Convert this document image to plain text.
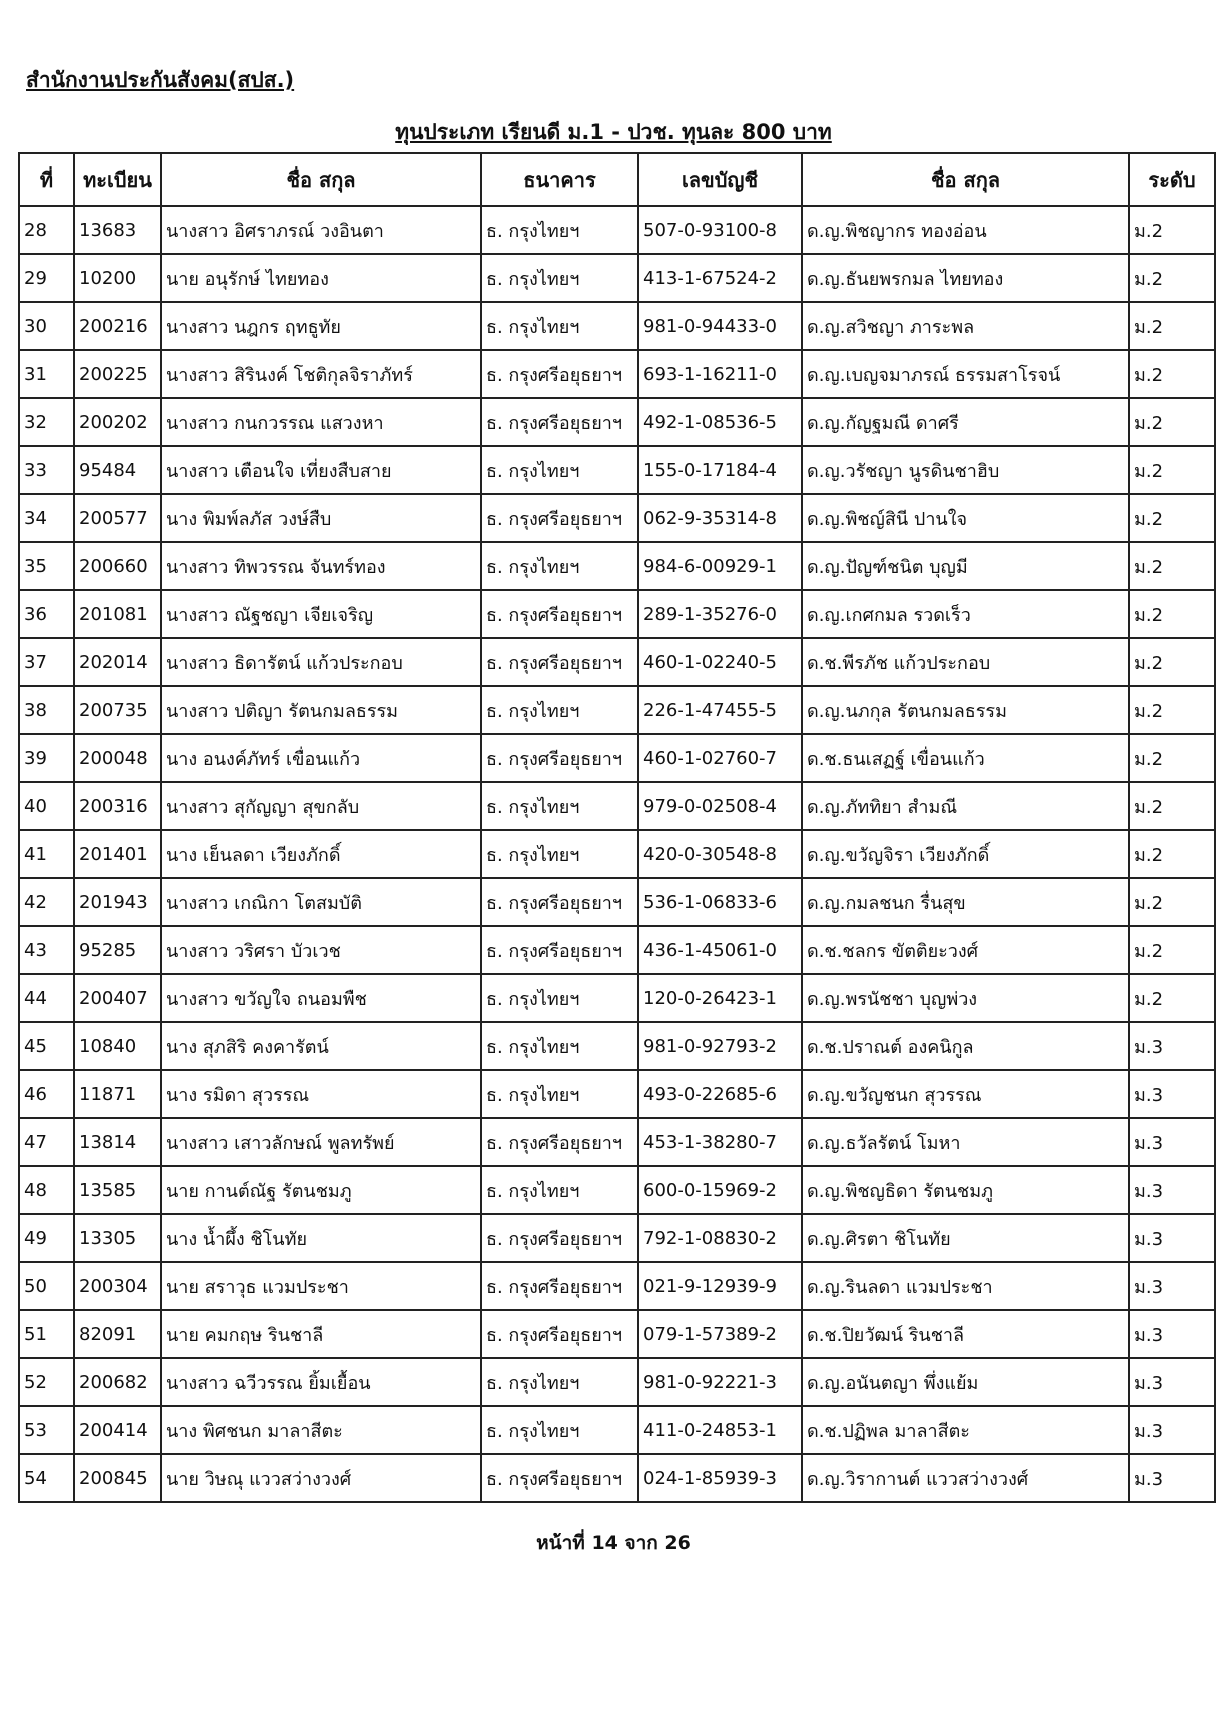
สำนักงานประกันสังคม(สปส.)
ทุนประเภท เรียนดี ม.1 - ปวช. ทุนละ 800 บาท
ที่	ทะเบียน	ชื่อ สกุล	ธนาคาร	เลขบัญชี	ชื่อ สกุล	ระดับ
28	13683	นางสาว อิศราภรณ์ วงอินตา	ธ. กรุงไทยฯ	507-0-93100-8	ด.ญ.พิชญากร ทองอ่อน	ม.2
29	10200	นาย อนุรักษ์ ไทยทอง	ธ. กรุงไทยฯ	413-1-67524-2	ด.ญ.ธันยพรกมล ไทยทอง	ม.2
30	200216	นางสาว นฎกร ฤทธูทัย	ธ. กรุงไทยฯ	981-0-94433-0	ด.ญ.สวิชญา ภาระพล	ม.2
31	200225	นางสาว สิรินงค์ โชติกุลจิราภัทร์	ธ. กรุงศรีอยุธยาฯ	693-1-16211-0	ด.ญ.เบญจมาภรณ์ ธรรมสาโรจน์	ม.2
32	200202	นางสาว กนกวรรณ แสวงหา	ธ. กรุงศรีอยุธยาฯ	492-1-08536-5	ด.ญ.กัญฐมณี ดาศรี	ม.2
33	95484	นางสาว เตือนใจ เที่ยงสืบสาย	ธ. กรุงไทยฯ	155-0-17184-4	ด.ญ.วรัชญา นูรดินชาฮิบ	ม.2
34	200577	นาง พิมพ์ลภัส วงษ์สืบ	ธ. กรุงศรีอยุธยาฯ	062-9-35314-8	ด.ญ.พิชญ์สินี ปานใจ	ม.2
35	200660	นางสาว ทิพวรรณ จันทร์ทอง	ธ. กรุงไทยฯ	984-6-00929-1	ด.ญ.ปัญฑ์ชนิต บุญมี	ม.2
36	201081	นางสาว ณัฐชญา เจียเจริญ	ธ. กรุงศรีอยุธยาฯ	289-1-35276-0	ด.ญ.เกศกมล รวดเร็ว	ม.2
37	202014	นางสาว ธิดารัตน์ แก้วประกอบ	ธ. กรุงศรีอยุธยาฯ	460-1-02240-5	ด.ช.พีรภัช แก้วประกอบ	ม.2
38	200735	นางสาว ปติญา รัตนกมลธรรม	ธ. กรุงไทยฯ	226-1-47455-5	ด.ญ.นภกุล รัตนกมลธรรม	ม.2
39	200048	นาง อนงค์ภัทร์ เขื่อนแก้ว	ธ. กรุงศรีอยุธยาฯ	460-1-02760-7	ด.ช.ธนเสฏฐ์ เขื่อนแก้ว	ม.2
40	200316	นางสาว สุกัญญา สุขกลับ	ธ. กรุงไทยฯ	979-0-02508-4	ด.ญ.ภัททิยา สำมณี	ม.2
41	201401	นาง เย็นลดา เวียงภักดิ์	ธ. กรุงไทยฯ	420-0-30548-8	ด.ญ.ขวัญจิรา เวียงภักดิ์	ม.2
42	201943	นางสาว เกณิกา โตสมบัติ	ธ. กรุงศรีอยุธยาฯ	536-1-06833-6	ด.ญ.กมลชนก รื่นสุข	ม.2
43	95285	นางสาว วริศรา บัวเวช	ธ. กรุงศรีอยุธยาฯ	436-1-45061-0	ด.ช.ชลกร ขัตติยะวงศ์	ม.2
44	200407	นางสาว ขวัญใจ ถนอมพืช	ธ. กรุงไทยฯ	120-0-26423-1	ด.ญ.พรนัชชา บุญพ่วง	ม.2
45	10840	นาง สุภสิริ คงคารัตน์	ธ. กรุงไทยฯ	981-0-92793-2	ด.ช.ปราณต์ องคนิกูล	ม.3
46	11871	นาง รมิดา สุวรรณ	ธ. กรุงไทยฯ	493-0-22685-6	ด.ญ.ขวัญชนก สุวรรณ	ม.3
47	13814	นางสาว เสาวลักษณ์ พูลทรัพย์	ธ. กรุงศรีอยุธยาฯ	453-1-38280-7	ด.ญ.ธวัลรัตน์ โมหา	ม.3
48	13585	นาย กานต์ณัฐ รัตนชมภู	ธ. กรุงไทยฯ	600-0-15969-2	ด.ญ.พิชญธิดา รัตนชมภู	ม.3
49	13305	นาง น้ำผึ้ง ชิโนทัย	ธ. กรุงศรีอยุธยาฯ	792-1-08830-2	ด.ญ.ศิรตา ชิโนทัย	ม.3
50	200304	นาย สราวุธ แวมประชา	ธ. กรุงศรีอยุธยาฯ	021-9-12939-9	ด.ญ.รินลดา แวมประชา	ม.3
51	82091	นาย คมกฤษ รินชาลี	ธ. กรุงศรีอยุธยาฯ	079-1-57389-2	ด.ช.ปิยวัฒน์ รินชาลี	ม.3
52	200682	นางสาว ฉวีวรรณ ยิ้มเยื้อน	ธ. กรุงไทยฯ	981-0-92221-3	ด.ญ.อนันตญา พึ่งแย้ม	ม.3
53	200414	นาง พิศชนก มาลาสีตะ	ธ. กรุงไทยฯ	411-0-24853-1	ด.ช.ปฏิพล มาลาสีตะ	ม.3
54	200845	นาย วิษณุ แววสว่างวงศ์	ธ. กรุงศรีอยุธยาฯ	024-1-85939-3	ด.ญ.วิรากานต์ แววสว่างวงศ์	ม.3
หน้าที่ 14 จาก 26
